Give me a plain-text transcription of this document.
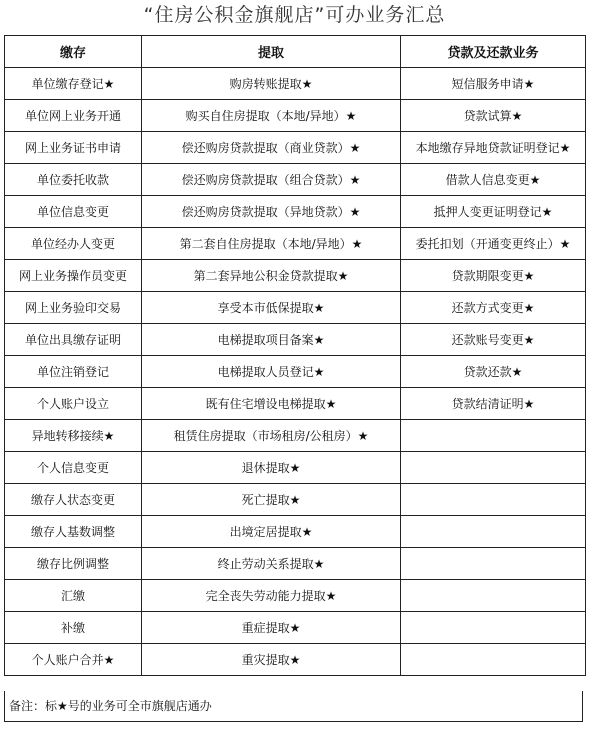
“住房公积金旗舰店”可办业务汇总
缴存	提取	贷款及还款业务
单位缴存登记★	购房转账提取★	短信服务申请★
单位网上业务开通	购买自住房提取（本地/异地）★	贷款试算★
网上业务证书申请	偿还购房贷款提取（商业贷款）★	本地缴存异地贷款证明登记★
单位委托收款	偿还购房贷款提取（组合贷款）★	借款人信息变更★
单位信息变更	偿还购房贷款提取（异地贷款）★	抵押人变更证明登记★
单位经办人变更	第二套自住房提取（本地/异地）★	委托扣划（开通变更终止）★
网上业务操作员变更	第二套异地公积金贷款提取★	贷款期限变更★
网上业务验印交易	享受本市低保提取★	还款方式变更★
单位出具缴存证明	电梯提取项目备案★	还款账号变更★
单位注销登记	电梯提取人员登记★	贷款还款★
个人账户设立	既有住宅增设电梯提取★	贷款结清证明★
异地转移接续★	租赁住房提取（市场租房/公租房）★	
个人信息变更	退休提取★	
缴存人状态变更	死亡提取★	
缴存人基数调整	出境定居提取★	
缴存比例调整	终止劳动关系提取★	
汇缴	完全丧失劳动能力提取★	
补缴	重症提取★	
个人账户合并★	重灾提取★	
备注：标★号的业务可全市旗舰店通办
